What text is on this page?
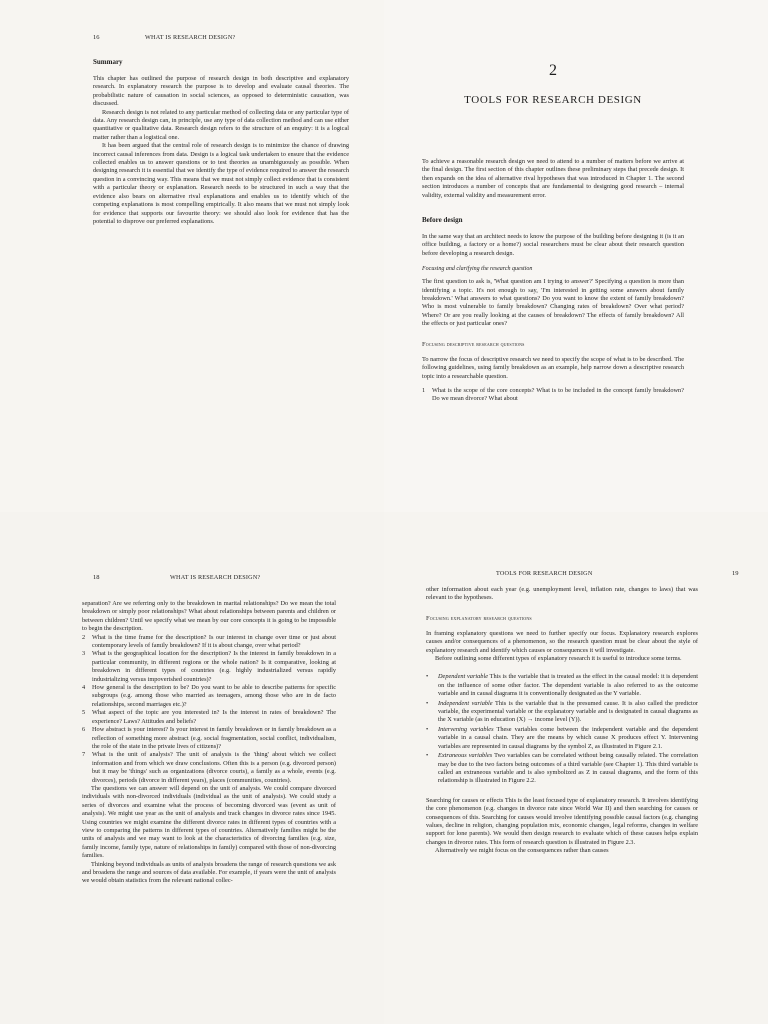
16	WHAT IS RESEARCH DESIGN?
Summary

This chapter has outlined the purpose of research design in both descriptive and explanatory research. In explanatory research the purpose is to develop and evaluate causal theories. The probabilistic nature of causation in social sciences, as opposed to deterministic causation, was discussed.

Research design is not related to any particular method of collecting data or any particular type of data. Any research design can, in principle, use any type of data collection method and can use either quantitative or qualitative data. Research design refers to the structure of an enquiry: it is a logical matter rather than a logistical one.

It has been argued that the central role of research design is to minimize the chance of drawing incorrect causal inferences from data. Design is a logical task undertaken to ensure that the evidence collected enables us to answer questions or to test theories as unambiguously as possible. When designing research it is essential that we identify the type of evidence required to answer the research question in a convincing way. This means that we must not simply collect evidence that is consistent with a particular theory or explanation. Research needs to be structured in such a way that the evidence also bears on alternative rival explanations and enables us to identify which of the competing explanations is most compelling empirically. It also means that we must not simply look for evidence that supports our favourite theory: we should also look for evidence that has the potential to disprove our preferred explanations.

2
TOOLS FOR RESEARCH DESIGN

To achieve a reasonable research design we need to attend to a number of matters before we arrive at the final design. The first section of this chapter outlines these preliminary steps that precede design. It then expands on the idea of alternative rival hypotheses that was introduced in Chapter 1. The second section introduces a number of concepts that are fundamental to designing good research – internal validity, external validity and measurement error.

Before design

In the same way that an architect needs to know the purpose of the building before designing it (is it an office building, a factory or a home?) social researchers must be clear about their research question before developing a research design.

Focusing and clarifying the research question

The first question to ask is, 'What question am I trying to answer?' Specifying a question is more than identifying a topic. It's not enough to say, 'I'm interested in getting some answers about family breakdown.' What answers to what questions? Do you want to know the extent of family breakdown? Who is most vulnerable to family breakdown? Changing rates of breakdown? Over what period? Where? Or are you really looking at the causes of breakdown? The effects of family breakdown? All the effects or just particular ones?

Focusing descriptive research questions

To narrow the focus of descriptive research we need to specify the scope of what is to be described. The following guidelines, using family breakdown as an example, help narrow down a descriptive research topic into a researchable question.

1	What is the scope of the core concepts? What is to be included in the concept family breakdown? Do we mean divorce? What about
18	WHAT IS RESEARCH DESIGN?

separation? Are we referring only to the breakdown in marital relationships? Do we mean the total breakdown or simply poor relationships? What about relationships between parents and children or between children? Until we specify what we mean by our core concepts it is going to be impossible to begin the description.

2	What is the time frame for the description? Is our interest in change over time or just about contemporary levels of family breakdown? If it is about change, over what period?
3	What is the geographical location for the description? Is the interest in family breakdown in a particular community, in different regions or the whole nation? Is it comparative, looking at breakdown in different types of countries (e.g. highly industrialized versus rapidly industrializing versus impoverished countries)?
4	How general is the description to be? Do you want to be able to describe patterns for specific subgroups (e.g. among those who married as teenagers, among those who are in de facto relationships, second marriages etc.)?
5	What aspect of the topic are you interested in? Is the interest in rates of breakdown? The experience? Laws? Attitudes and beliefs?
6	How abstract is your interest? Is your interest in family breakdown or in family breakdown as a reflection of something more abstract (e.g. social fragmentation, social conflict, individualism, the role of the state in the private lives of citizens)?
7	What is the unit of analysis? The unit of analysis is the 'thing' about which we collect information and from which we draw conclusions. Often this is a person (e.g. divorced person) but it may be 'things' such as organizations (divorce courts), a family as a whole, events (e.g. divorces), periods (divorce in different years), places (communities, countries).

The questions we can answer will depend on the unit of analysis. We could compare divorced individuals with non-divorced individuals (individual as the unit of analysis). We could study a series of divorces and examine what the process of becoming divorced was (event as unit of analysis). We might use year as the unit of analysis and track changes in divorce rates since 1945. Using countries we might examine the different divorce rates in different types of countries with a view to comparing the patterns in different types of countries. Alternatively families might be the units of analysis and we may want to look at the characteristics of divorcing families (e.g. size, family income, family type, nature of relationships in family) compared with those of non-divorcing families.

Thinking beyond individuals as units of analysis broadens the range of research questions we ask and broadens the range and sources of data available. For example, if years were the unit of analysis we would obtain statistics from the relevant national collec-

TOOLS FOR RESEARCH DESIGN	19

other information about each year (e.g. unemployment level, inflation rate, changes to laws) that was relevant to the hypotheses.

Focusing explanatory research questions

In framing explanatory questions we need to further specify our focus. Explanatory research explores causes and/or consequences of a phenomenon, so the research question must be clear about the style of explanatory research and identify which causes or consequences it will investigate.

Before outlining some different types of explanatory research it is useful to introduce some terms.

•	Dependent variable This is the variable that is treated as the effect in the causal model: it is dependent on the influence of some other factor. The dependent variable is also referred to as the outcome variable and in causal diagrams it is conventionally designated as the Y variable.
•	Independent variable This is the variable that is the presumed cause. It is also called the predictor variable, the experimental variable or the explanatory variable and is designated in causal diagrams as the X variable (as in education (X) → income level (Y)).
•	Intervening variables These variables come between the independent variable and the dependent variable in a causal chain. They are the means by which cause X produces effect Y. Intervening variables are represented in causal diagrams by the symbol Z, as illustrated in Figure 2.1.
•	Extraneous variables Two variables can be correlated without being causally related. The correlation may be due to the two factors being outcomes of a third variable (see Chapter 1). This third variable is called an extraneous variable and is also symbolized as Z in causal diagrams, and the form of this relationship is illustrated in Figure 2.2.

Searching for causes or effects This is the least focused type of explanatory research. It involves identifying the core phenomenon (e.g. changes in divorce rate since World War II) and then searching for causes or consequences of this. Searching for causes would involve identifying possible causal factors (e.g. changing values, decline in religion, changing population mix, economic changes, legal reforms, changes in welfare support for lone parents). We would then design research to evaluate which of these causes helps explain changes in divorce rates. This form of research question is illustrated in Figure 2.3.

Alternatively we might focus on the consequences rather than causes
